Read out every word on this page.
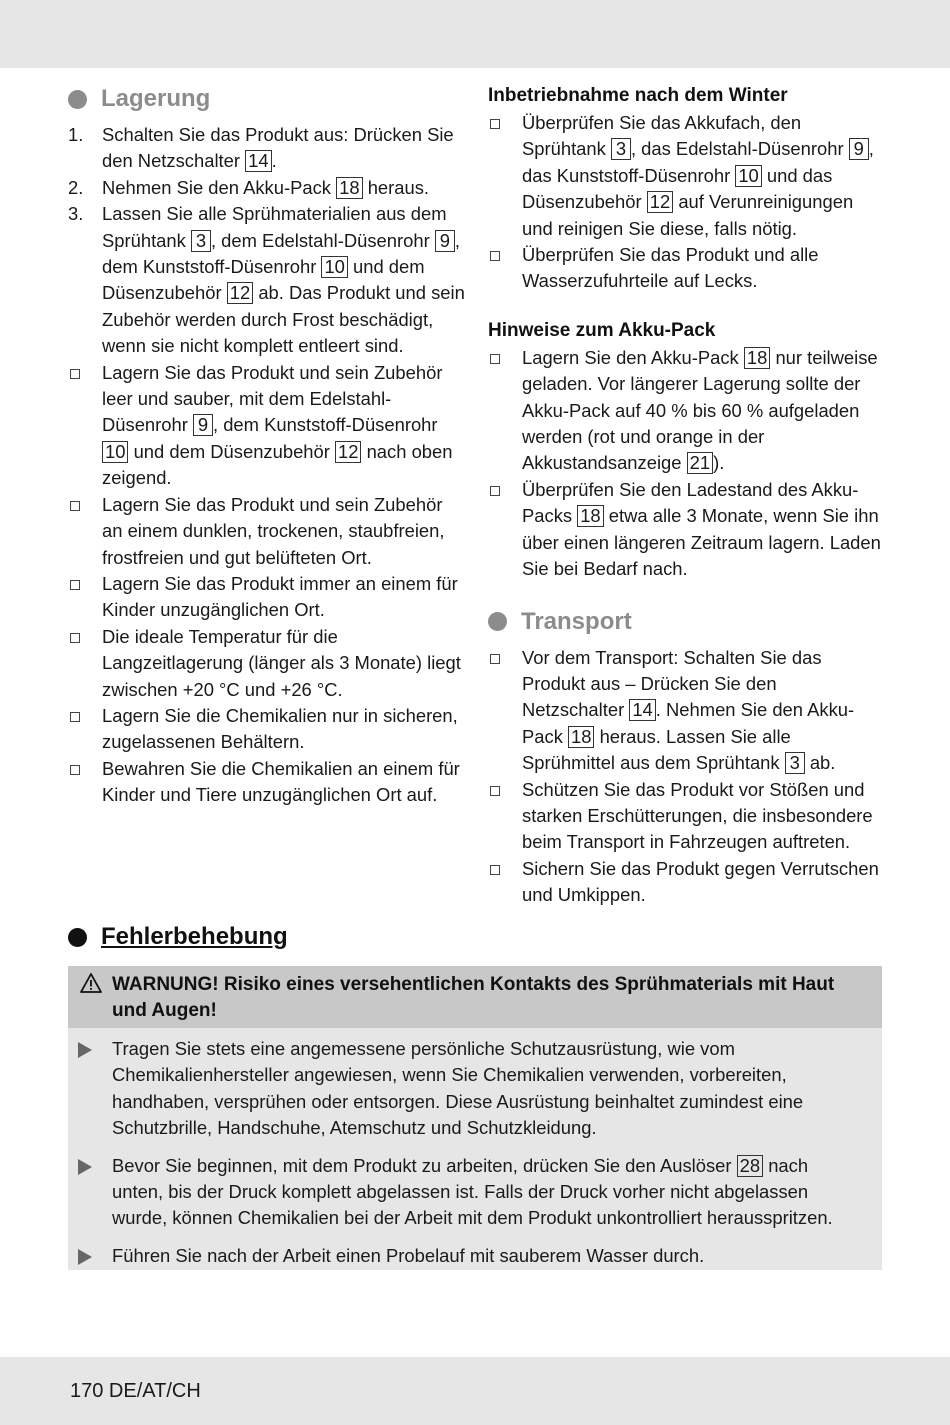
Lagerung
1.	Schalten Sie das Produkt aus: Drücken Sie den Netzschalter 14 .
2.	Nehmen Sie den Akku-Pack 18 heraus.
3.	Lassen Sie alle Sprühmaterialien aus dem Sprühtank 3 , dem Edelstahl-Düsenrohr 9 , dem Kunststoff-Düsenrohr 10 und dem Düsenzubehör 12 ab. Das Produkt und sein Zubehör werden durch Frost beschädigt, wenn sie nicht komplett entleert sind.
Lagern Sie das Produkt und sein Zubehör leer und sauber, mit dem Edelstahl-Düsenrohr 9 , dem Kunststoff-Düsenrohr 10 und dem Düsenzubehör 12 nach oben zeigend.
Lagern Sie das Produkt und sein Zubehör an einem dunklen, trockenen, staubfreien, frostfreien und gut belüfteten Ort.
Lagern Sie das Produkt immer an einem für Kinder unzugänglichen Ort.
Die ideale Temperatur für die Langzeitlagerung (länger als 3 Monate) liegt zwischen +20 °C und +26 °C.
Lagern Sie die Chemikalien nur in sicheren, zugelassenen Behältern.
Bewahren Sie die Chemikalien an einem für Kinder und Tiere unzugänglichen Ort auf.
Inbetriebnahme nach dem Winter
Überprüfen Sie das Akkufach, den Sprühtank 3 , das Edelstahl-Düsenrohr 9 , das Kunststoff-Düsenrohr 10 und das Düsenzubehör 12 auf Verunreinigungen und reinigen Sie diese, falls nötig.
Überprüfen Sie das Produkt und alle Wasserzufuhrteile auf Lecks.
Hinweise zum Akku-Pack
Lagern Sie den Akku-Pack 18 nur teilweise geladen. Vor längerer Lagerung sollte der Akku-Pack auf 40 % bis 60 % aufgeladen werden (rot und orange in der Akkustandsanzeige 21 ).
Überprüfen Sie den Ladestand des Akku-Packs 18 etwa alle 3 Monate, wenn Sie ihn über einen längeren Zeitraum lagern. Laden Sie bei Bedarf nach.
Transport
Vor dem Transport: Schalten Sie das Produkt aus – Drücken Sie den Netzschalter 14 . Nehmen Sie den Akku-Pack 18 heraus. Lassen Sie alle Sprühmittel aus dem Sprühtank 3 ab.
Schützen Sie das Produkt vor Stößen und starken Erschütterungen, die insbesondere beim Transport in Fahrzeugen auftreten.
Sichern Sie das Produkt gegen Verrutschen und Umkippen.
Fehlerbehebung
WARNUNG! Risiko eines versehentlichen Kontakts des Sprühmaterials mit Haut und Augen!
Tragen Sie stets eine angemessene persönliche Schutzausrüstung, wie vom Chemikalienhersteller angewiesen, wenn Sie Chemikalien verwenden, vorbereiten, handhaben, versprühen oder entsorgen. Diese Ausrüstung beinhaltet zumindest eine Schutzbrille, Handschuhe, Atemschutz und Schutzkleidung.
Bevor Sie beginnen, mit dem Produkt zu arbeiten, drücken Sie den Auslöser 28 nach unten, bis der Druck komplett abgelassen ist. Falls der Druck vorher nicht abgelassen wurde, können Chemikalien bei der Arbeit mit dem Produkt unkontrolliert herausspritzen.
Führen Sie nach der Arbeit einen Probelauf mit sauberem Wasser durch.
170 DE/AT/CH
